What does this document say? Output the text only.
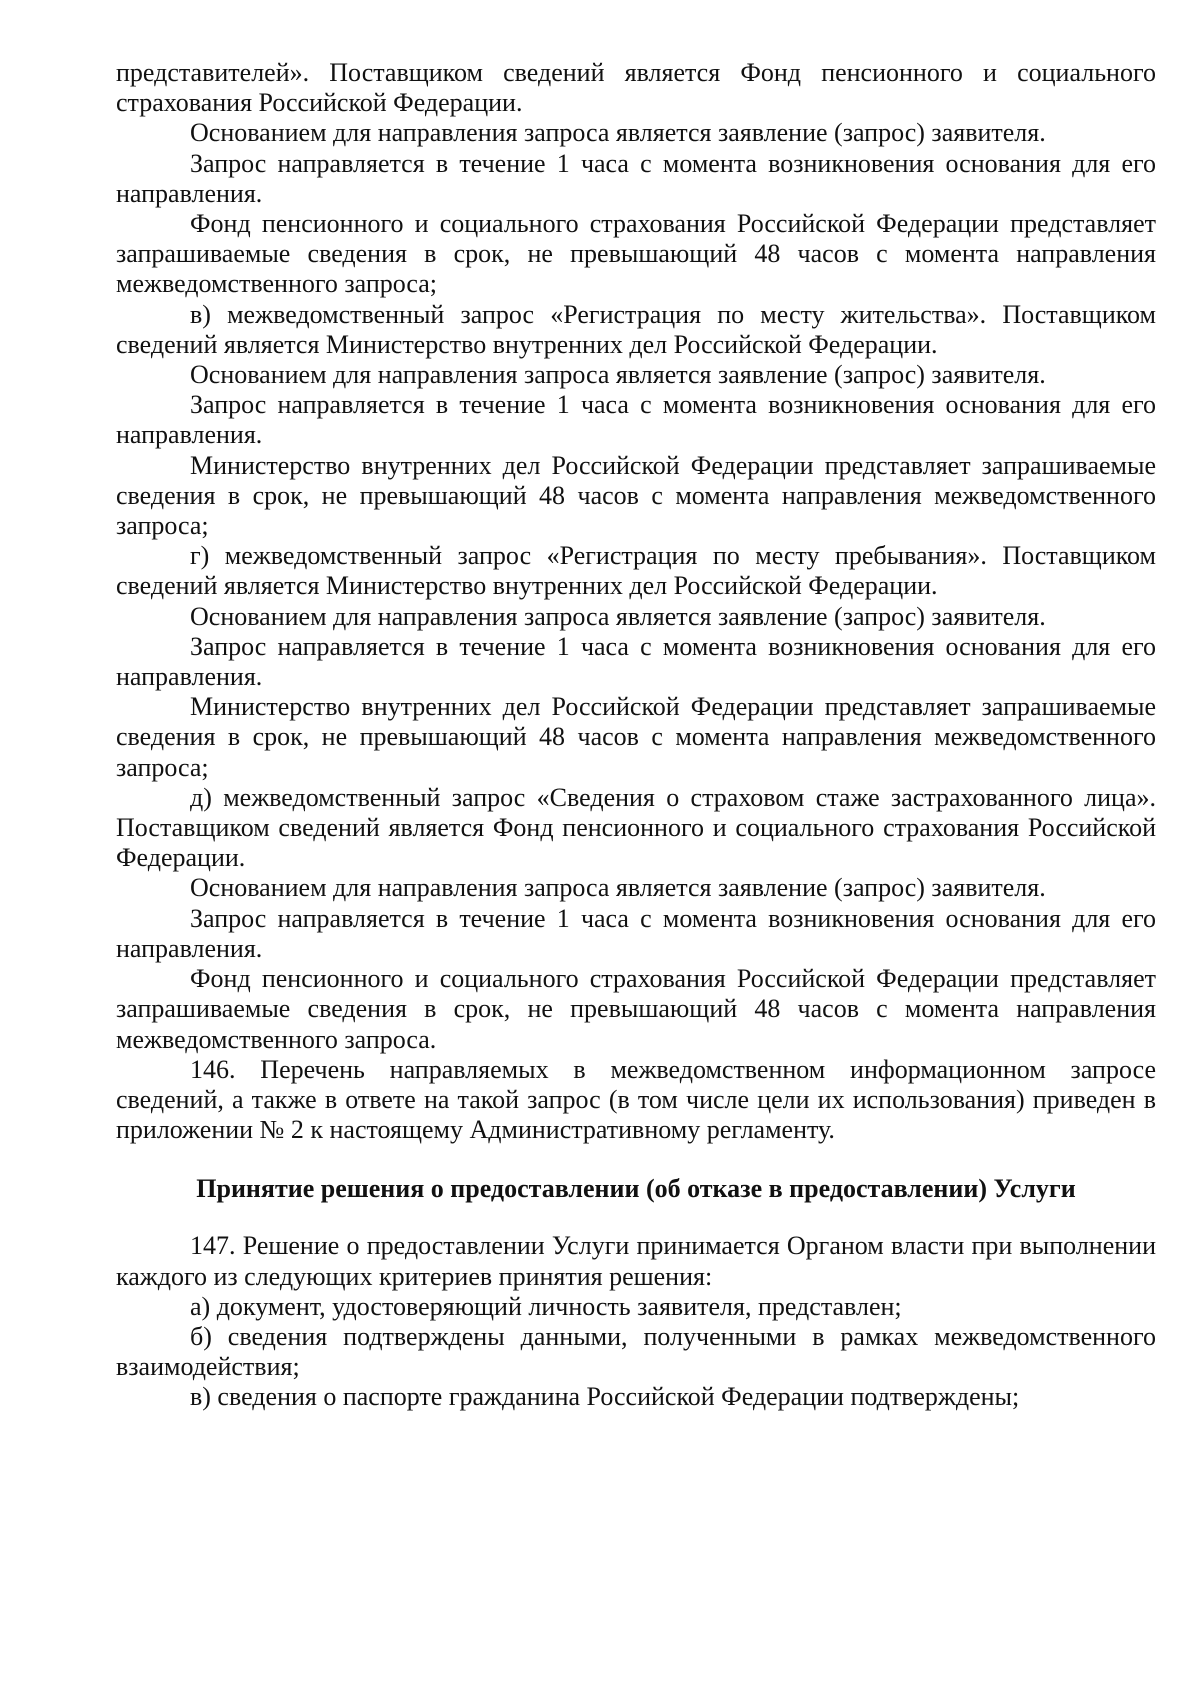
представителей». Поставщиком сведений является Фонд пенсионного и социального страхования Российской Федерации.

Основанием для направления запроса является заявление (запрос) заявителя.

Запрос направляется в течение 1 часа с момента возникновения основания для его направления.

Фонд пенсионного и социального страхования Российской Федерации представляет запрашиваемые сведения в срок, не превышающий 48 часов с момента направления межведомственного запроса;

в) межведомственный запрос «Регистрация по месту жительства». Поставщиком сведений является Министерство внутренних дел Российской Федерации.

Основанием для направления запроса является заявление (запрос) заявителя.

Запрос направляется в течение 1 часа с момента возникновения основания для его направления.

Министерство внутренних дел Российской Федерации представляет запрашиваемые сведения в срок, не превышающий 48 часов с момента направления межведомственного запроса;

г) межведомственный запрос «Регистрация по месту пребывания». Поставщиком сведений является Министерство внутренних дел Российской Федерации.

Основанием для направления запроса является заявление (запрос) заявителя.

Запрос направляется в течение 1 часа с момента возникновения основания для его направления.

Министерство внутренних дел Российской Федерации представляет запрашиваемые сведения в срок, не превышающий 48 часов с момента направления межведомственного запроса;

д) межведомственный запрос «Сведения о страховом стаже застрахованного лица». Поставщиком сведений является Фонд пенсионного и социального страхования Российской Федерации.

Основанием для направления запроса является заявление (запрос) заявителя.

Запрос направляется в течение 1 часа с момента возникновения основания для его направления.

Фонд пенсионного и социального страхования Российской Федерации представляет запрашиваемые сведения в срок, не превышающий 48 часов с момента направления межведомственного запроса.

146. Перечень направляемых в межведомственном информационном запросе сведений, а также в ответе на такой запрос (в том числе цели их использования) приведен в приложении № 2 к настоящему Административному регламенту.

Принятие решения о предоставлении (об отказе в предоставлении) Услуги

147. Решение о предоставлении Услуги принимается Органом власти при выполнении каждого из следующих критериев принятия решения:

а) документ, удостоверяющий личность заявителя, представлен;

б) сведения подтверждены данными, полученными в рамках межведомственного взаимодействия;

в) сведения о паспорте гражданина Российской Федерации подтверждены;
